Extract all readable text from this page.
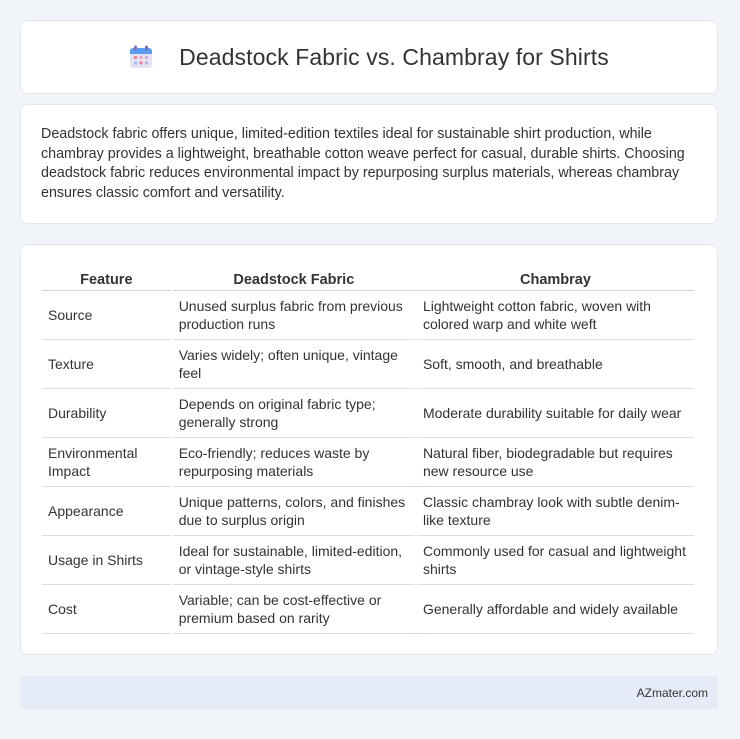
Deadstock Fabric vs. Chambray for Shirts

Deadstock fabric offers unique, limited-edition textiles ideal for sustainable shirt production, while chambray provides a lightweight, breathable cotton weave perfect for casual, durable shirts. Choosing deadstock fabric reduces environmental impact by repurposing surplus materials, whereas chambray ensures classic comfort and versatility.

Feature	Deadstock Fabric	Chambray
Source	Unused surplus fabric from previous production runs	Lightweight cotton fabric, woven with colored warp and white weft
Texture	Varies widely; often unique, vintage feel	Soft, smooth, and breathable
Durability	Depends on original fabric type; generally strong	Moderate durability suitable for daily wear
Environmental Impact	Eco-friendly; reduces waste by repurposing materials	Natural fiber, biodegradable but requires new resource use
Appearance	Unique patterns, colors, and finishes due to surplus origin	Classic chambray look with subtle denim-like texture
Usage in Shirts	Ideal for sustainable, limited-edition, or vintage-style shirts	Commonly used for casual and lightweight shirts
Cost	Variable; can be cost-effective or premium based on rarity	Generally affordable and widely available
AZmater.com
